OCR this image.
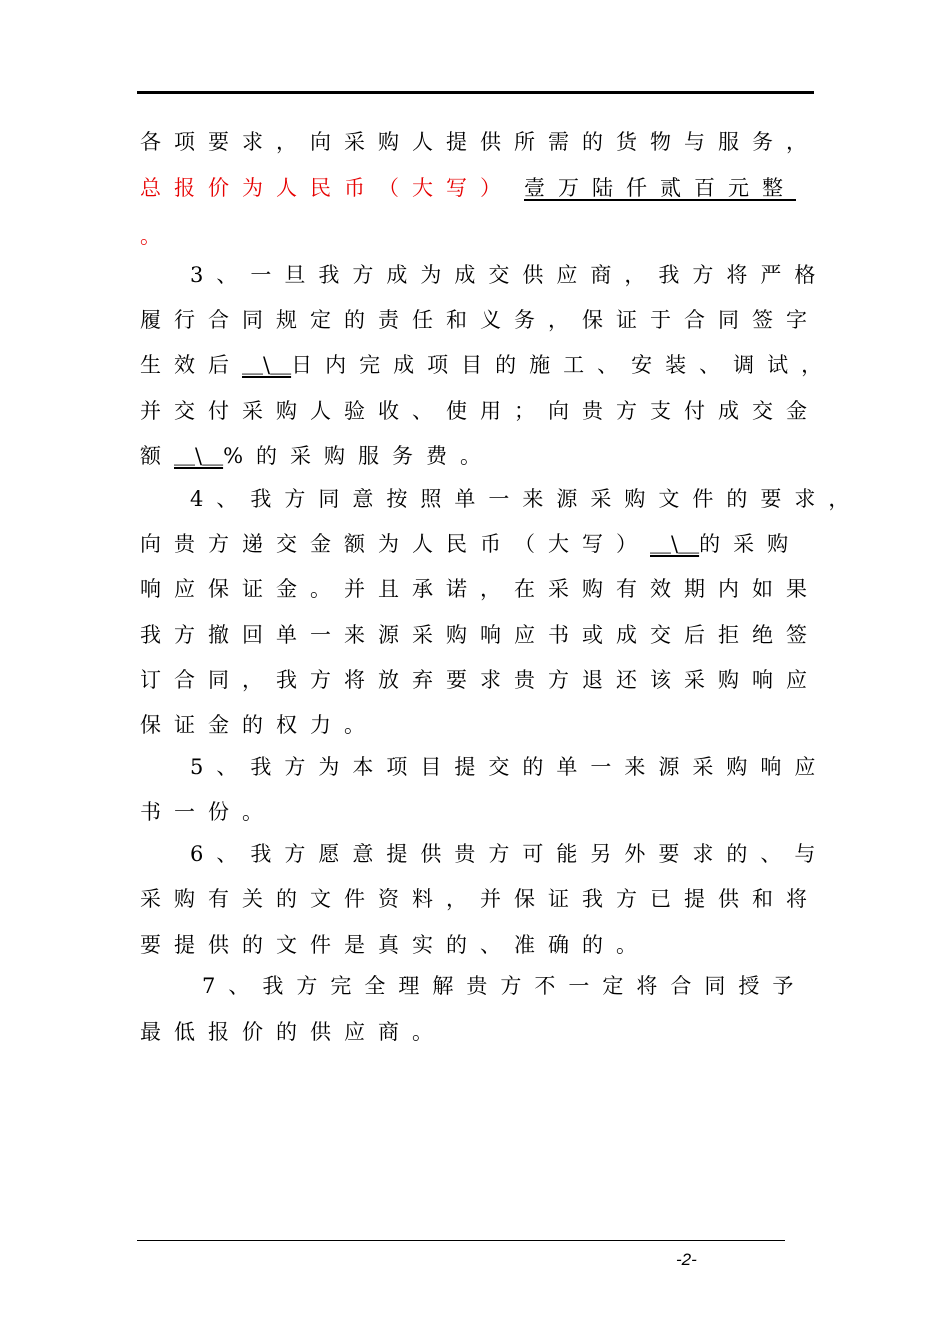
各项要求，向采购人提供所需的货物与服务，
总报价为人民币（大写） 壹万陆仟贰百元整
。
3、一旦我方成为成交供应商，我方将严格
履行合同规定的责任和义务，保证于合同签字
生效后＿\＿日内完成项目的施工、安装、调试，
并交付采购人验收、使用；向贵方支付成交金
额＿\＿%的采购服务费。
4、我方同意按照单一来源采购文件的要求，
向贵方递交金额为人民币（大写）＿\＿的采购
响应保证金。并且承诺，在采购有效期内如果
我方撤回单一来源采购响应书或成交后拒绝签
订合同，我方将放弃要求贵方退还该采购响应
保证金的权力。
5、我方为本项目提交的单一来源采购响应
书一份。
6、我方愿意提供贵方可能另外要求的、与
采购有关的文件资料，并保证我方已提供和将
要提供的文件是真实的、准确的。
7、我方完全理解贵方不一定将合同授予
最低报价的供应商。
-2-
